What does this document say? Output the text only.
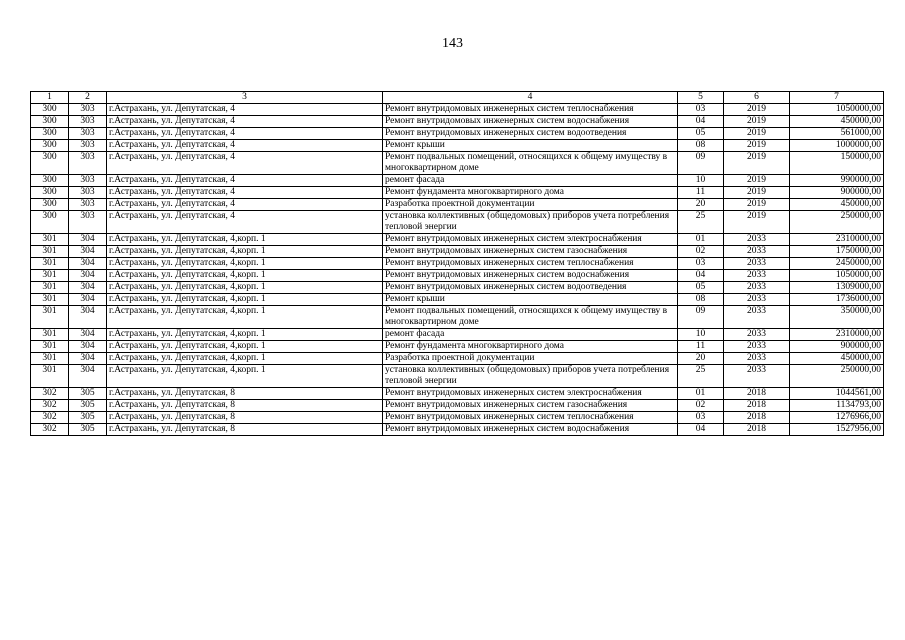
143
1	2	3	4	5	6	7
300	303	г.Астрахань, ул. Депутатская, 4	Ремонт внутридомовых инженерных систем теплоснабжения	03	2019	1050000,00
300	303	г.Астрахань, ул. Депутатская, 4	Ремонт внутридомовых инженерных систем водоснабжения	04	2019	450000,00
300	303	г.Астрахань, ул. Депутатская, 4	Ремонт внутридомовых инженерных систем водоотведения	05	2019	561000,00
300	303	г.Астрахань, ул. Депутатская, 4	Ремонт крыши	08	2019	1000000,00
300	303	г.Астрахань, ул. Депутатская, 4	Ремонт подвальных помещений, относящихся к общему имуществу в многоквартирном доме	09	2019	150000,00
300	303	г.Астрахань, ул. Депутатская, 4	ремонт фасада	10	2019	990000,00
300	303	г.Астрахань, ул. Депутатская, 4	Ремонт фундамента многоквартирного дома	11	2019	900000,00
300	303	г.Астрахань, ул. Депутатская, 4	Разработка проектной документации	20	2019	450000,00
300	303	г.Астрахань, ул. Депутатская, 4	установка коллективных (общедомовых) приборов учета потребления тепловой энергии	25	2019	250000,00
301	304	г.Астрахань, ул. Депутатская, 4,корп. 1	Ремонт внутридомовых инженерных систем электроснабжения	01	2033	2310000,00
301	304	г.Астрахань, ул. Депутатская, 4,корп. 1	Ремонт внутридомовых инженерных систем газоснабжения	02	2033	1750000,00
301	304	г.Астрахань, ул. Депутатская, 4,корп. 1	Ремонт внутридомовых инженерных систем теплоснабжения	03	2033	2450000,00
301	304	г.Астрахань, ул. Депутатская, 4,корп. 1	Ремонт внутридомовых инженерных систем водоснабжения	04	2033	1050000,00
301	304	г.Астрахань, ул. Депутатская, 4,корп. 1	Ремонт внутридомовых инженерных систем водоотведения	05	2033	1309000,00
301	304	г.Астрахань, ул. Депутатская, 4,корп. 1	Ремонт крыши	08	2033	1736000,00
301	304	г.Астрахань, ул. Депутатская, 4,корп. 1	Ремонт подвальных помещений, относящихся к общему имуществу в многоквартирном доме	09	2033	350000,00
301	304	г.Астрахань, ул. Депутатская, 4,корп. 1	ремонт фасада	10	2033	2310000,00
301	304	г.Астрахань, ул. Депутатская, 4,корп. 1	Ремонт фундамента многоквартирного дома	11	2033	900000,00
301	304	г.Астрахань, ул. Депутатская, 4,корп. 1	Разработка проектной документации	20	2033	450000,00
301	304	г.Астрахань, ул. Депутатская, 4,корп. 1	установка коллективных (общедомовых) приборов учета потребления тепловой энергии	25	2033	250000,00
302	305	г.Астрахань, ул. Депутатская, 8	Ремонт внутридомовых инженерных систем электроснабжения	01	2018	1044561,00
302	305	г.Астрахань, ул. Депутатская, 8	Ремонт внутридомовых инженерных систем газоснабжения	02	2018	1134793,00
302	305	г.Астрахань, ул. Депутатская, 8	Ремонт внутридомовых инженерных систем теплоснабжения	03	2018	1276966,00
302	305	г.Астрахань, ул. Депутатская, 8	Ремонт внутридомовых инженерных систем водоснабжения	04	2018	1527956,00
